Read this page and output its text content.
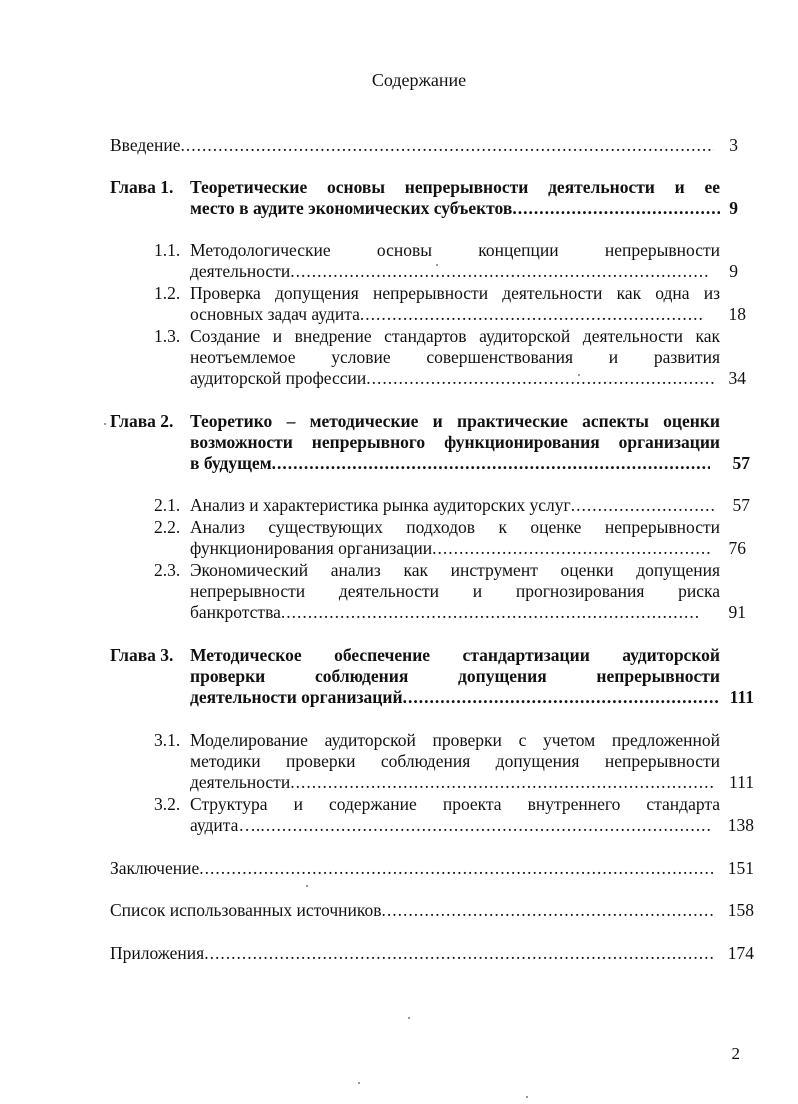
Содержание
Введение .....	3
Глава 1. Теоретические основы непрерывности деятельности и ее
место в аудите экономических субъектов .....	9
1.1. Методологические основы концепции непрерывности
деятельности .....	9
1.2. Проверка допущения непрерывности деятельности как одна из
основных задач аудита .....	18
1.3. Создание и внедрение стандартов аудиторской деятельности как
неотъемлемое условие совершенствования и развития
аудиторской профессии .....	34
Глава 2. Теоретико – методические и практические аспекты оценки
возможности непрерывного функционирования организации
в будущем .....	57
2.1. Анализ и характеристика рынка аудиторских услуг .....	57
2.2. Анализ существующих подходов к оценке непрерывности
функционирования организации .....	76
2.3. Экономический анализ как инструмент оценки допущения
непрерывности деятельности и прогнозирования риска
банкротства .....	91
Глава 3. Методическое обеспечение стандартизации аудиторской
проверки соблюдения допущения непрерывности
деятельности организаций .....	111
3.1. Моделирование аудиторской проверки с учетом предложенной
методики проверки соблюдения допущения непрерывности
деятельности .....	111
3.2. Структура и содержание проекта внутреннего стандарта
аудита…. .....	138
Заключение .....	151
Список использованных источников .....	158
Приложения .....	174
2
